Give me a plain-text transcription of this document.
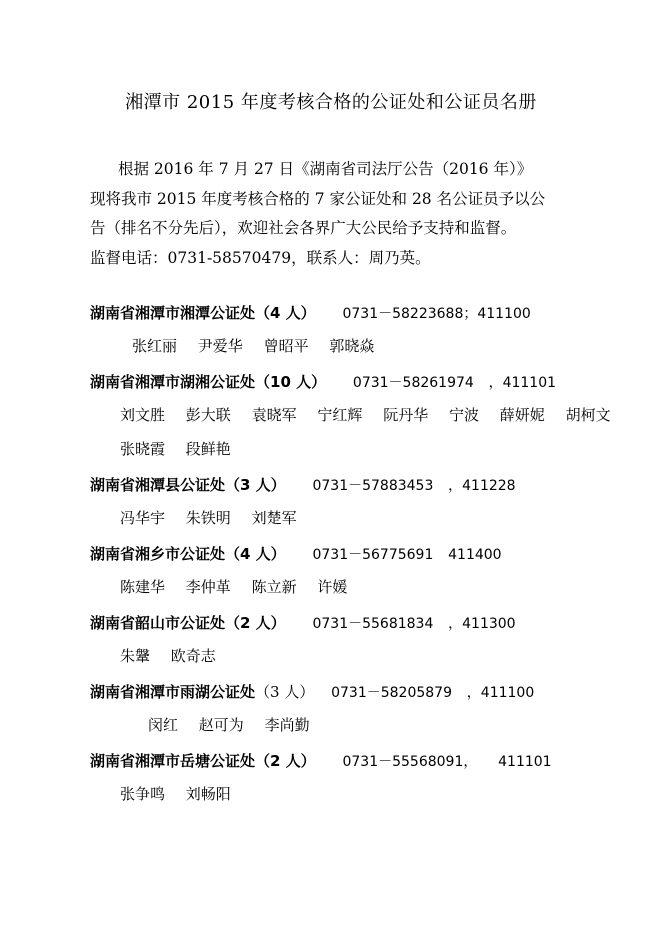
湘潭市 2015 年度考核合格的公证处和公证员名册
根据 2016 年 7 月 27 日《湖南省司法厅公告（2016 年）》
现将我市 2015 年度考核合格的 7 家公证处和 28 名公证员予以公
告（排名不分先后），欢迎社会各界广大公民给予支持和监督。
监督电话：0731-58570479，联系人：周乃英。
湖南省湘潭市湘潭公证处（4 人） 0731－58223688；411100
张红丽 尹爱华 曾昭平 郭晓焱
湖南省湘潭市湖湘公证处（10 人） 0731－58261974 ，411101
刘文胜 彭大联 袁晓军 宁红辉 阮丹华 宁波 薛妍妮 胡柯文 张晓霞 段鲜艳
湖南省湘潭县公证处（3 人） 0731－57883453 ，411228
冯华宇 朱铁明 刘楚军
湖南省湘乡市公证处（4 人） 0731－56775691 411400
陈建华 李仲革 陈立新 许媛
湖南省韶山市公证处（2 人） 0731－55681834 ，411300
朱鞶 欧奇志
湖南省湘潭市雨湖公证处（3 人） 0731－58205879 ，411100
闵红 赵可为 李尚勤
湖南省湘潭市岳塘公证处（2 人） 0731－55568091， 411101
张争鸣 刘畅阳
